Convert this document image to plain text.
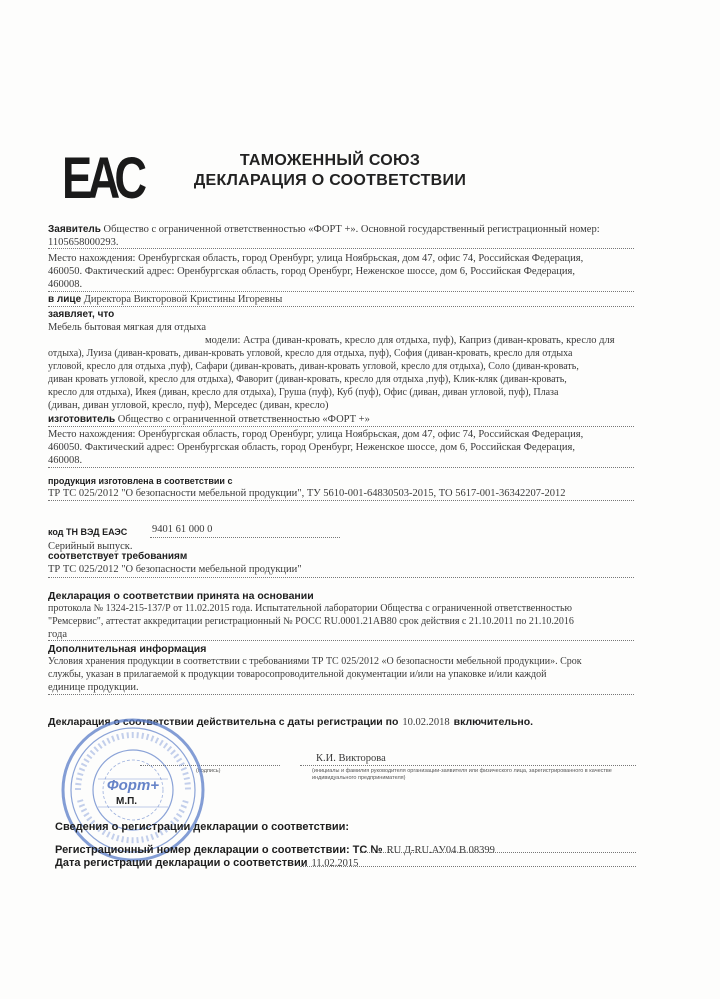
ЕАС	ТАМОЖЕННЫЙ СОЮЗ
ДЕКЛАРАЦИЯ О СООТВЕТСТВИИ
Заявитель Общество с ограниченной ответственностью «ФОРТ +». Основной государственный регистрационный номер: 1105658000293.
Место нахождения: Оренбургская область, город Оренбург, улица Ноябрьская, дом 47, офис 74, Российская Федерация,
460050. Фактический адрес: Оренбургская область, город Оренбург, Неженское шоссе, дом 6, Российская Федерация,
460008.
в лице Директора Викторовой Кристины Игоревны
заявляет, что
Мебель бытовая мягкая для отдыха
модели: Астра (диван-кровать, кресло для отдыха, пуф), Каприз (диван-кровать, кресло для
отдыха), Луиза (диван-кровать, диван-кровать угловой, кресло для отдыха, пуф), София (диван-кровать, кресло для отдыха
угловой, кресло для отдыха ,пуф), Сафари (диван-кровать, диван-кровать угловой, кресло для отдыха), Соло (диван-кровать,
диван кровать угловой, кресло для отдыха), Фаворит (диван-кровать, кресло для отдыха ,пуф), Клик-кляк (диван-кровать,
кресло для отдыха), Икея (диван, кресло для отдыха), Груша (пуф), Куб (пуф), Офис (диван, диван угловой, пуф), Плаза
(диван, диван угловой, кресло, пуф), Мерседес (диван, кресло)
изготовитель Общество с ограниченной ответственностью «ФОРТ +»
Место нахождения: Оренбургская область, город Оренбург, улица Ноябрьская, дом 47, офис 74, Российская Федерация,
460050. Фактический адрес: Оренбургская область, город Оренбург, Неженское шоссе, дом 6, Российская Федерация,
460008.
продукция изготовлена в соответствии с
ТР ТС 025/2012 "О безопасности мебельной продукции", ТУ 5610-001-64830503-2015, ТО 5617-001-36342207-2012
код ТН ВЭД ЕАЭС 9401 61 000 0
Серийный выпуск.
соответствует требованиям
ТР ТС 025/2012 "О безопасности мебельной продукции"
Декларация о соответствии принята на основании
протокола № 1324-215-137/Р от 11.02.2015 года. Испытательной лаборатории Общества с ограниченной ответственностью
"Ремсервис", аттестат аккредитации регистрационный № РОСС RU.0001.21АВ80 срок действия с 21.10.2011 по 21.10.2016
года
Дополнительная информация
Условия хранения продукции в соответствии с требованиями ТР ТС 025/2012 «О безопасности мебельной продукции». Срок
службы, указан в прилагаемой к продукции товаросопроводительной документации и/или на упаковке и/или каждой
единице продукции.
Декларация о соответствии действительна с даты регистрации по 10.02.2018 включительно.
(подпись)
К.И. Викторова
(инициалы и фамилия руководителя организации-заявителя или физического лица, зарегистрированного в качестве
индивидуального предпринимателя)
М.П.
Форт+
Сведения о регистрации декларации о соответствии:
Регистрационный номер декларации о соответствии: ТС № RU Д-RU.АУ04.В.08399
Дата регистрации декларации о соответствии 11.02.2015
